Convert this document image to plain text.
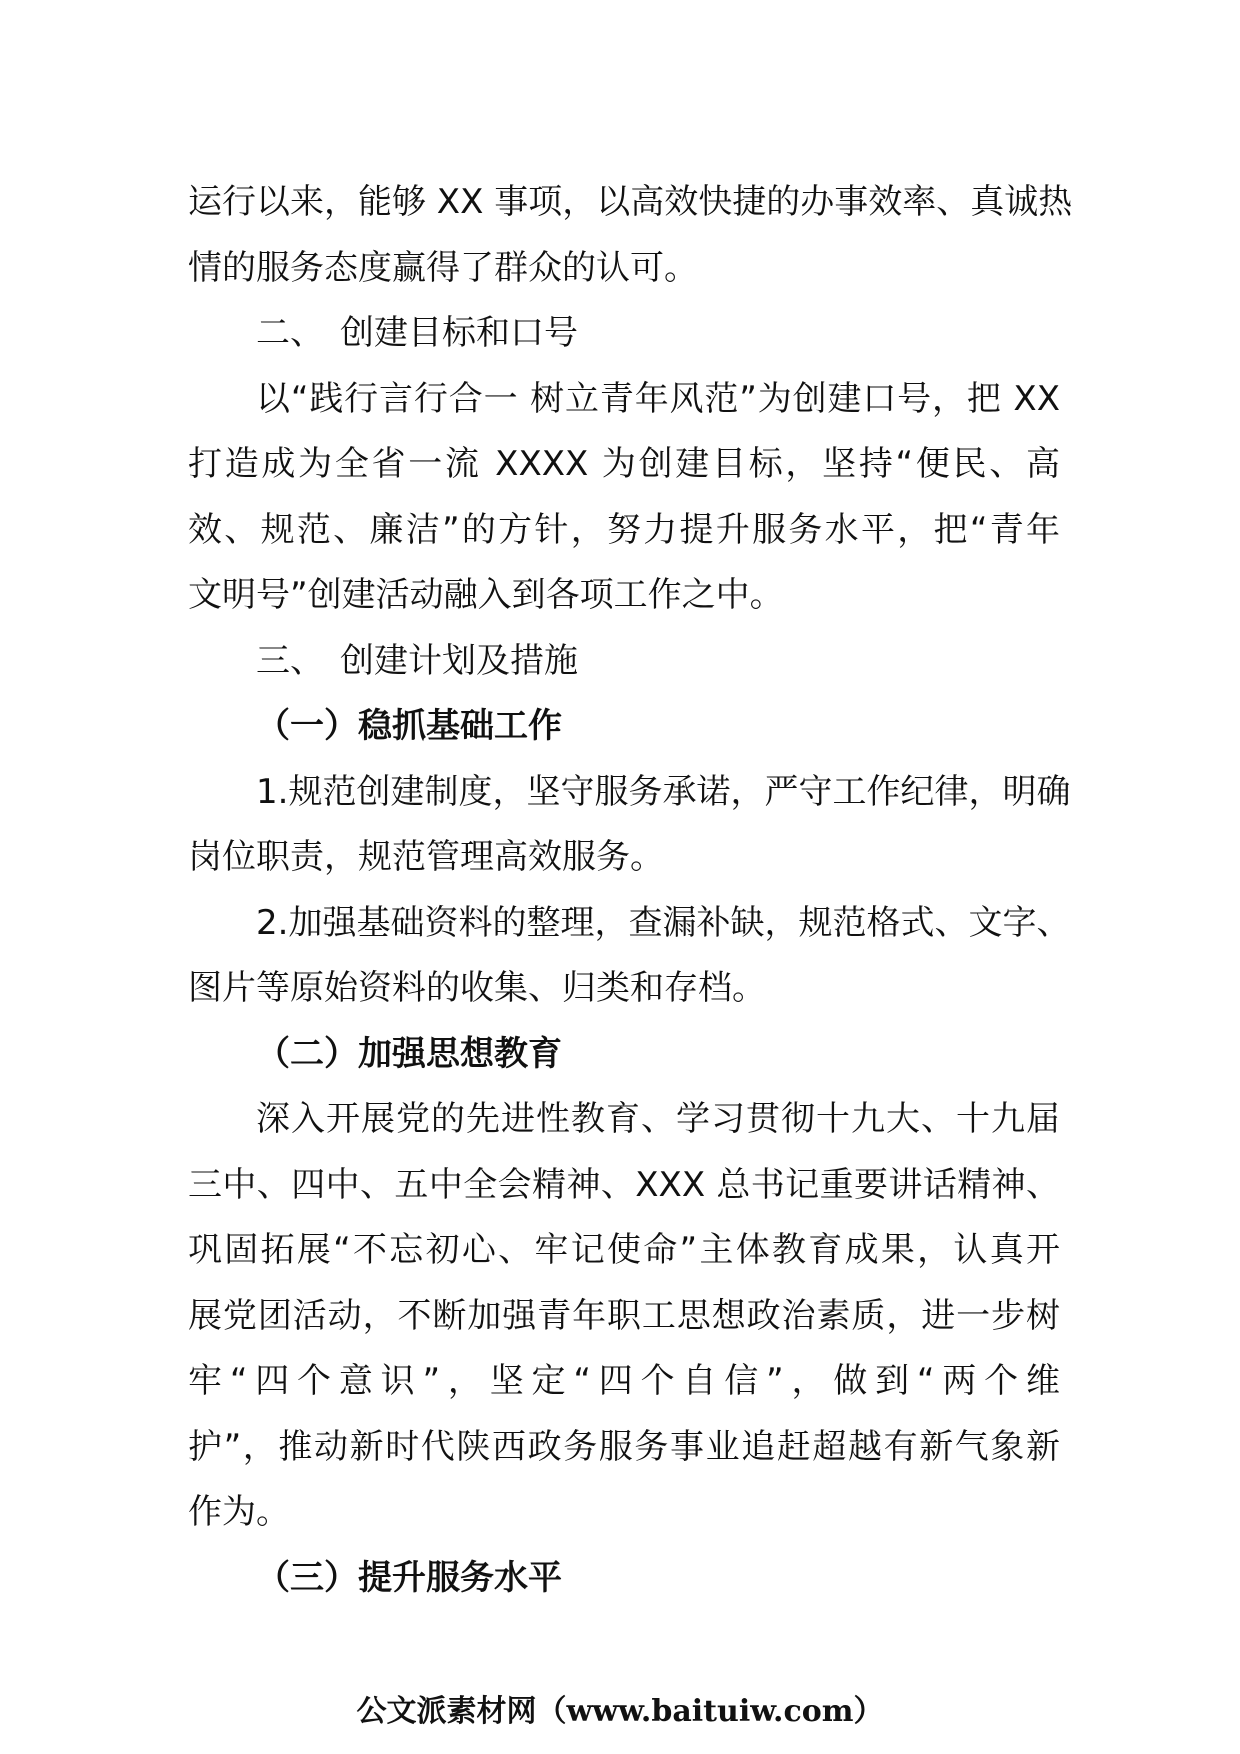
运行以来，能够 XX 事项，以高效快捷的办事效率、真诚热
情的服务态度赢得了群众的认可。
二、 创建目标和口号
以“践行言行合一 树立青年风范”为创建口号，把 XX
打造成为全省一流 XXXX 为创建目标，坚持“便民、高
效、规范、廉洁”的方针，努力提升服务水平，把“青年
文明号”创建活动融入到各项工作之中。
三、 创建计划及措施
（一）稳抓基础工作
1.规范创建制度，坚守服务承诺，严守工作纪律，明确
岗位职责，规范管理高效服务。
2.加强基础资料的整理，查漏补缺，规范格式、文字、
图片等原始资料的收集、归类和存档。
（二）加强思想教育
深入开展党的先进性教育、学习贯彻十九大、十九届
三中、四中、五中全会精神、XXX 总书记重要讲话精神、
巩固拓展“不忘初心、牢记使命”主体教育成果，认真开
展党团活动，不断加强青年职工思想政治素质，进一步树
牢“四个意识”，坚定“四个自信”，做到“两个维
护”，推动新时代陕西政务服务事业追赶超越有新气象新
作为。
（三）提升服务水平
公文派素材网（www.baituiw.com）
